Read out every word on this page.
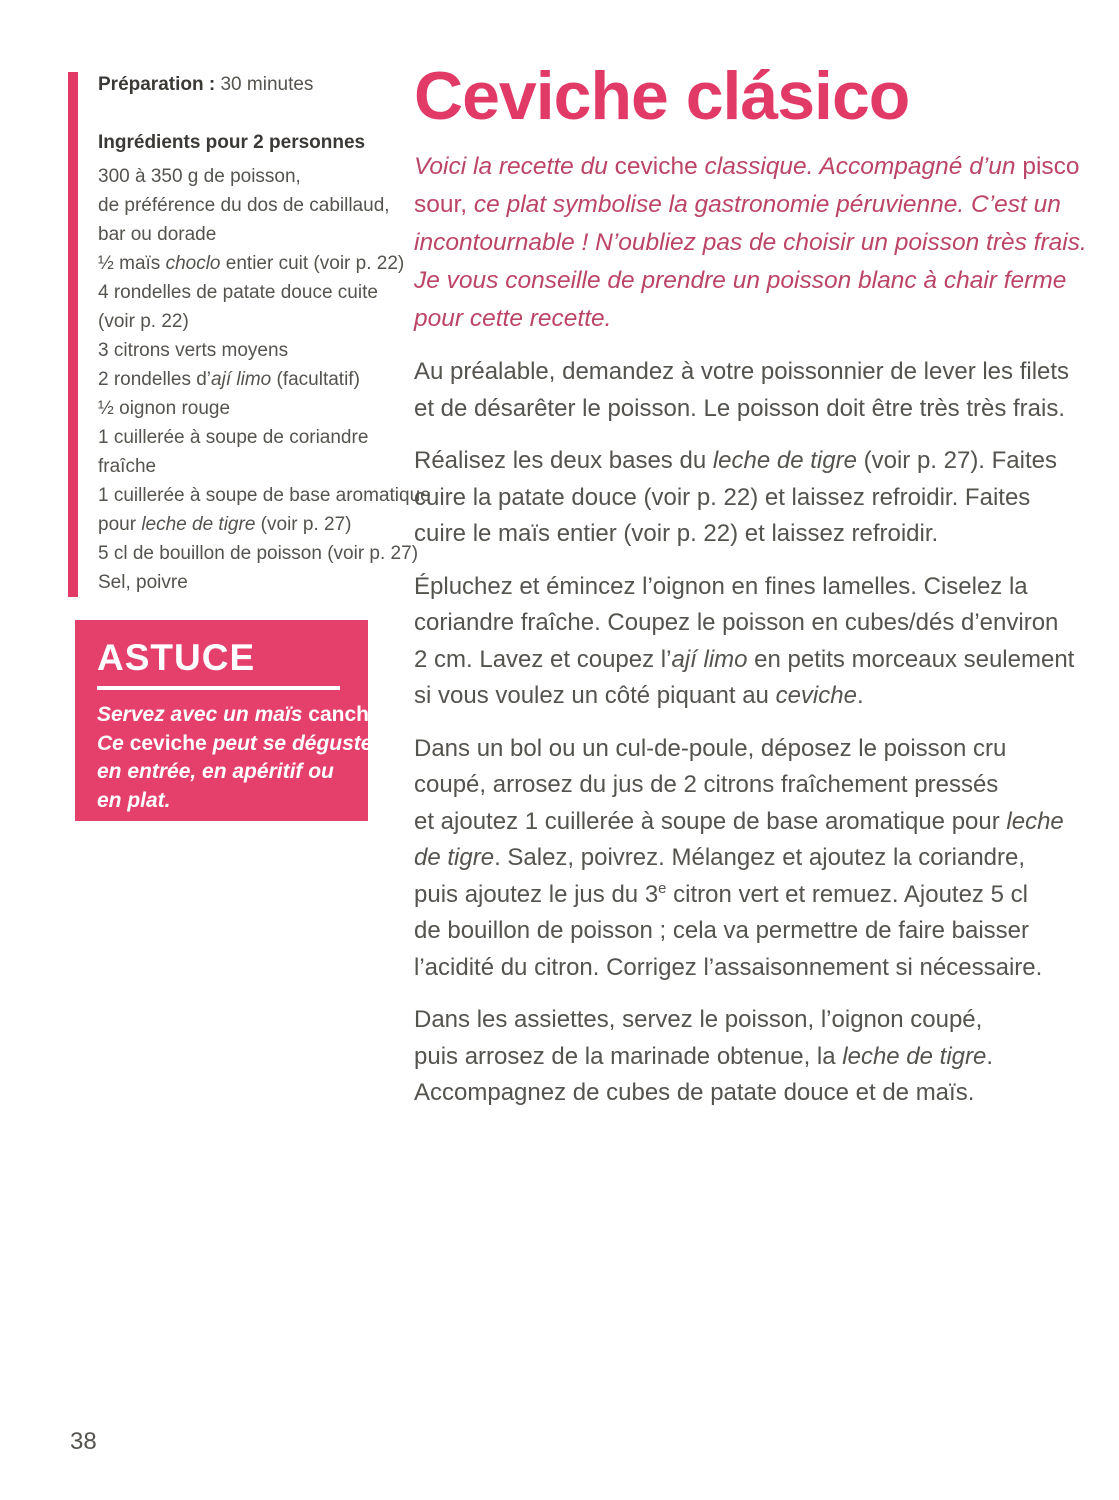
Préparation : 30 minutes
Ingrédients pour 2 personnes
300 à 350 g de poisson,
de préférence du dos de cabillaud,
bar ou dorade
½ maïs choclo entier cuit (voir p. 22)
4 rondelles de patate douce cuite
(voir p. 22)
3 citrons verts moyens
2 rondelles d’ají limo (facultatif)
½ oignon rouge
1 cuillerée à soupe de coriandre
fraîche
1 cuillerée à soupe de base aromatique
pour leche de tigre (voir p. 27)
5 cl de bouillon de poisson (voir p. 27)
Sel, poivre
ASTUCE
Servez avec un maïs cancha.
Ce ceviche peut se déguster
en entrée, en apéritif ou
en plat.
Ceviche clásico
Voici la recette du ceviche classique. Accompagné d’un pisco
sour, ce plat symbolise la gastronomie péruvienne. C’est un
incontournable ! N’oubliez pas de choisir un poisson très frais.
Je vous conseille de prendre un poisson blanc à chair ferme
pour cette recette.
Au préalable, demandez à votre poissonnier de lever les filets
et de désarêter le poisson. Le poisson doit être très très frais.
Réalisez les deux bases du leche de tigre (voir p. 27). Faites
cuire la patate douce (voir p. 22) et laissez refroidir. Faites
cuire le maïs entier (voir p. 22) et laissez refroidir.
Épluchez et émincez l’oignon en fines lamelles. Ciselez la
coriandre fraîche. Coupez le poisson en cubes/dés d’environ
2 cm. Lavez et coupez l’ají limo en petits morceaux seulement
si vous voulez un côté piquant au ceviche.
Dans un bol ou un cul-de-poule, déposez le poisson cru
coupé, arrosez du jus de 2 citrons fraîchement pressés
et ajoutez 1 cuillerée à soupe de base aromatique pour leche
de tigre. Salez, poivrez. Mélangez et ajoutez la coriandre,
puis ajoutez le jus du 3e citron vert et remuez. Ajoutez 5 cl
de bouillon de poisson ; cela va permettre de faire baisser
l’acidité du citron. Corrigez l’assaisonnement si nécessaire.
Dans les assiettes, servez le poisson, l’oignon coupé,
puis arrosez de la marinade obtenue, la leche de tigre.
Accompagnez de cubes de patate douce et de maïs.
38
